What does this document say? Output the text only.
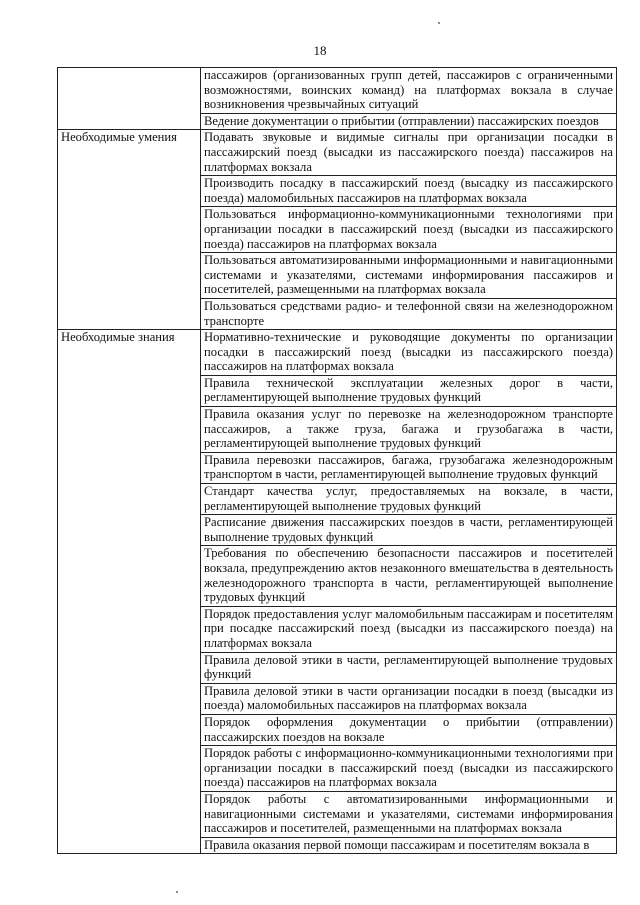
18
	пассажиров (организованных групп детей, пассажиров с ограниченными возможностями, воинских команд) на платформах вокзала в случае возникновения чрезвычайных ситуаций
	Ведение документации о прибытии (отправлении) пассажирских поездов
Необходимые умения	Подавать звуковые и видимые сигналы при организации посадки в пассажирский поезд (высадки из пассажирского поезда) пассажиров на платформах вокзала
	Производить посадку в пассажирский поезд (высадку из пассажирского поезда) маломобильных пассажиров на платформах вокзала
	Пользоваться информационно-коммуникационными технологиями при организации посадки в пассажирский поезд (высадки из пассажирского поезда) пассажиров на платформах вокзала
	Пользоваться автоматизированными информационными и навигационными системами и указателями, системами информирования пассажиров и посетителей, размещенными на платформах вокзала
	Пользоваться средствами радио- и телефонной связи на железнодорожном транспорте
Необходимые знания	Нормативно-технические и руководящие документы по организации посадки в пассажирский поезд (высадки из пассажирского поезда) пассажиров на платформах вокзала
	Правила технической эксплуатации железных дорог в части, регламентирующей выполнение трудовых функций
	Правила оказания услуг по перевозке на железнодорожном транспорте пассажиров, а также груза, багажа и грузобагажа в части, регламентирующей выполнение трудовых функций
	Правила перевозки пассажиров, багажа, грузобагажа железнодорожным транспортом в части, регламентирующей выполнение трудовых функций
	Стандарт качества услуг, предоставляемых на вокзале, в части, регламентирующей выполнение трудовых функций
	Расписание движения пассажирских поездов в части, регламентирующей выполнение трудовых функций
	Требования по обеспечению безопасности пассажиров и посетителей вокзала, предупреждению актов незаконного вмешательства в деятельность железнодорожного транспорта в части, регламентирующей выполнение трудовых функций
	Порядок предоставления услуг маломобильным пассажирам и посетителям при посадке пассажирский поезд (высадки из пассажирского поезда) на платформах вокзала
	Правила деловой этики в части, регламентирующей выполнение трудовых функций
	Правила деловой этики в части организации посадки в поезд (высадки из поезда) маломобильных пассажиров на платформах вокзала
	Порядок оформления документации о прибытии (отправлении) пассажирских поездов на вокзале
	Порядок работы с информационно-коммуникационными технологиями при организации посадки в пассажирский поезд (высадки из пассажирского поезда) пассажиров на платформах вокзала
	Порядок работы с автоматизированными информационными и навигационными системами и указателями, системами информирования пассажиров и посетителей, размещенными на платформах вокзала
	Правила оказания первой помощи пассажирам и посетителям вокзала в
